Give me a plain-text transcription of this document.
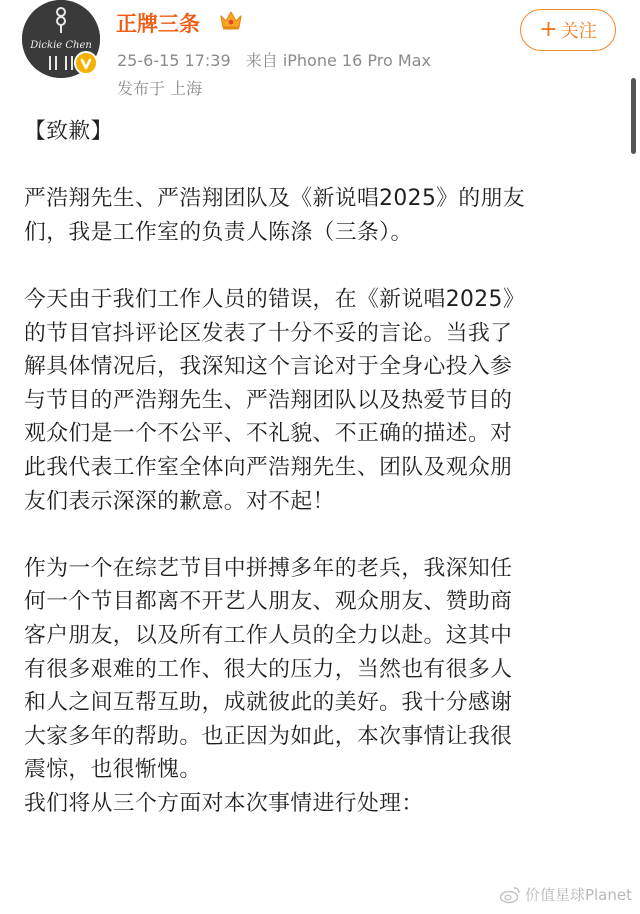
Dickie Chen
正牌三条
25-6-15 17:39 来自 iPhone 16 Pro Max
发布于 上海
+ 关注

【致歉】

严浩翔先生、严浩翔团队及《新说唱2025》的朋友
们，我是工作室的负责人陈涤（三条）。

今天由于我们工作人员的错误，在《新说唱2025》
的节目官抖评论区发表了十分不妥的言论。当我了
解具体情况后，我深知这个言论对于全身心投入参
与节目的严浩翔先生、严浩翔团队以及热爱节目的
观众们是一个不公平、不礼貌、不正确的描述。对
此我代表工作室全体向严浩翔先生、团队及观众朋
友们表示深深的歉意。对不起！

作为一个在综艺节目中拼搏多年的老兵，我深知任
何一个节目都离不开艺人朋友、观众朋友、赞助商
客户朋友，以及所有工作人员的全力以赴。这其中
有很多艰难的工作、很大的压力，当然也有很多人
和人之间互帮互助，成就彼此的美好。我十分感谢
大家多年的帮助。也正因为如此，本次事情让我很
震惊，也很惭愧。
我们将从三个方面对本次事情进行处理：

价值星球Planet
